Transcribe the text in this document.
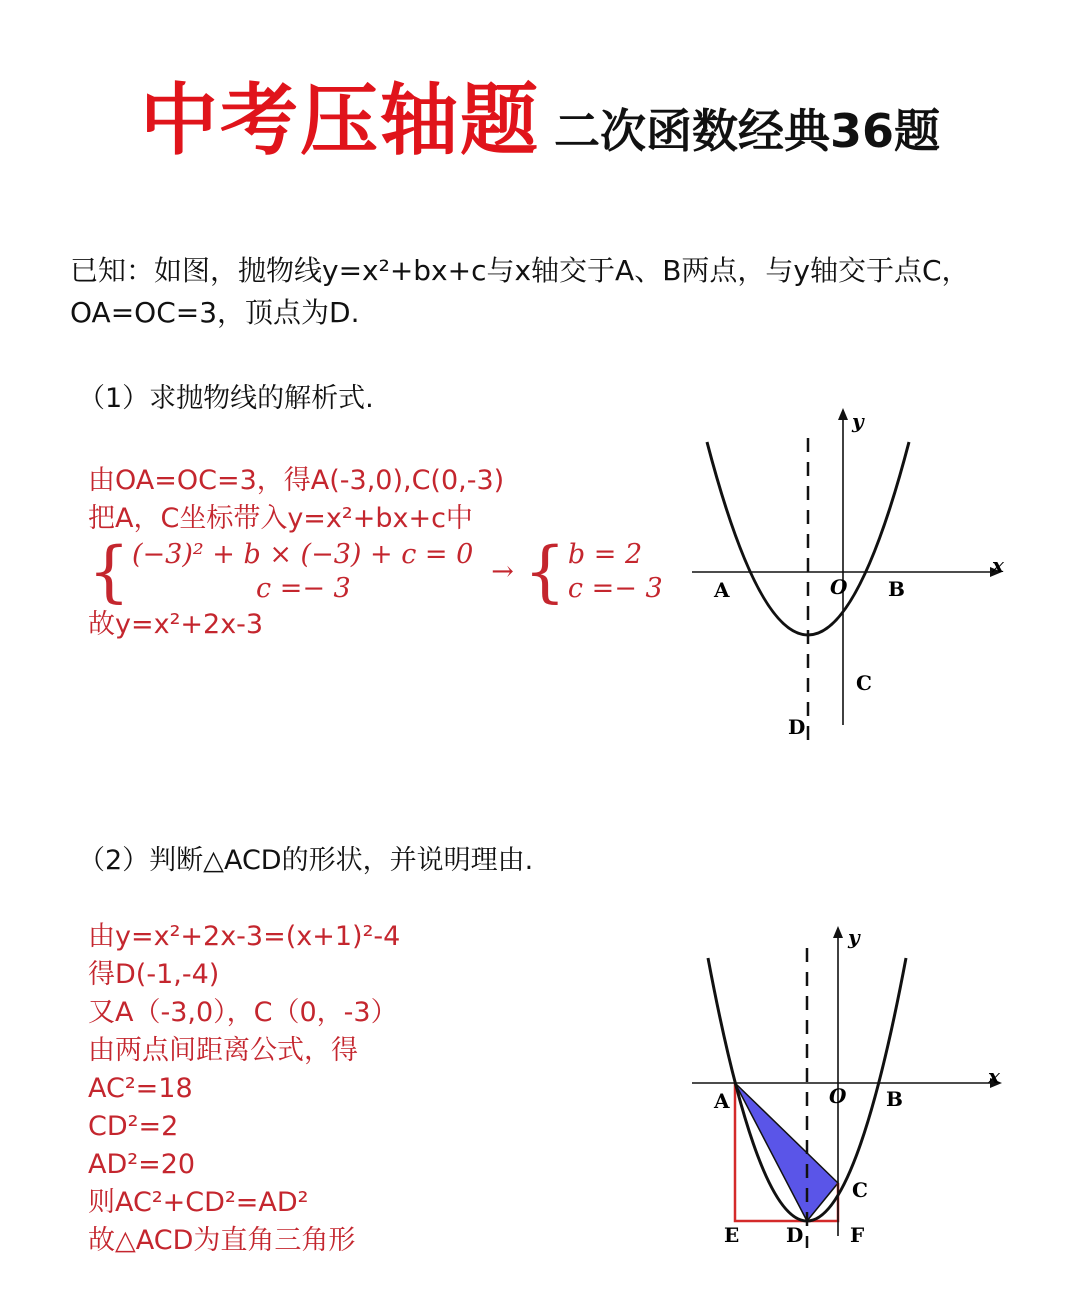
中考压轴题 二次函数经典36题
已知：如图，抛物线y=x²+bx+c与x轴交于A、B两点，与y轴交于点C，
OA=OC=3，顶点为D.
（1）求抛物线的解析式.
由OA=OC=3，得A(-3,0),C(0,-3)
把A，C坐标带入y=x²+bx+c中
{ (−3)² + b × (−3) + c = 0
c =− 3
→ { b = 2
c =− 3
故y=x²+2x-3
y
x
O
A	B
C
D
（2）判断△ACD的形状，并说明理由.
由y=x²+2x-3=(x+1)²-4
得D(-1,-4)
又A（-3,0），C（0，-3）
由两点间距离公式，得
AC²=18
CD²=2
AD²=20
则AC²+CD²=AD²
故△ACD为直角三角形
y
x
O
A	B
C
D
E	F
